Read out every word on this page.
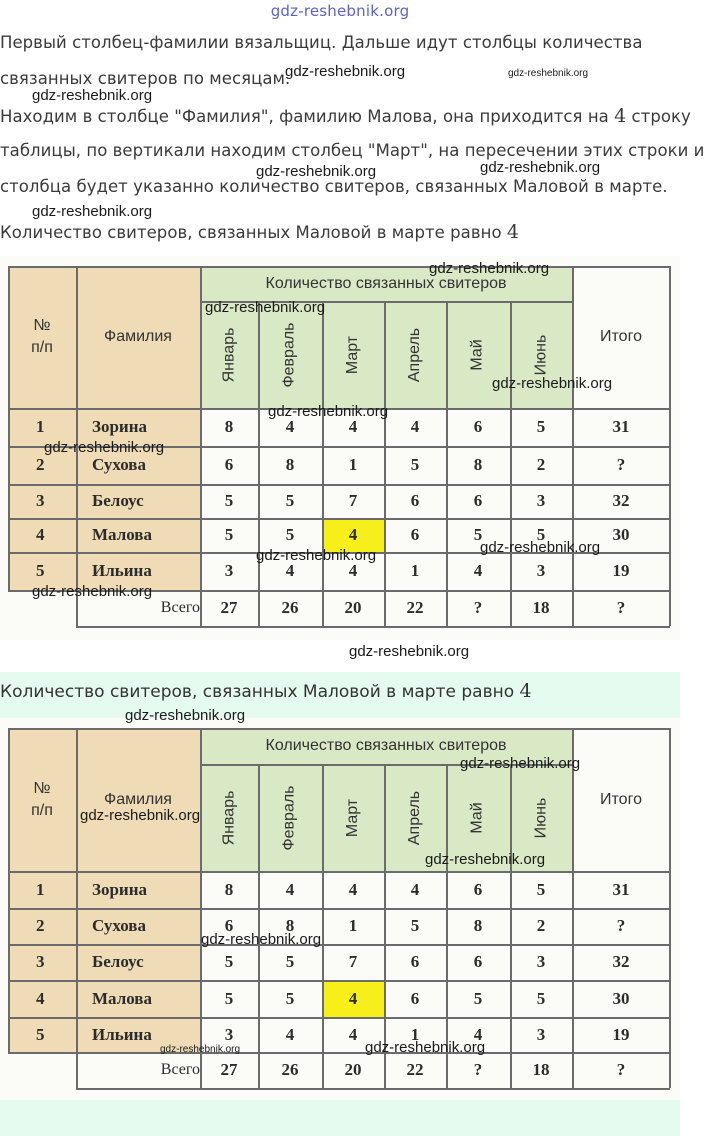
gdz-reshebnik.org
Первый столбец-фамилии вязальщиц. Дальше идут столбцы количества
связанных свитеров по месяцам.
Находим в столбце "Фамилия", фамилию Малова, она приходится на 4 строку
таблицы, по вертикали находим столбец "Март", на пересечении этих строки и
столбца будет указанно количество свитеров, связанных Маловой в марте.
Количество свитеров, связанных Маловой в марте равно 4
№
п/п
Фамилия
Количество связанных свитеров
Итого
Январь	Февраль	Март	Апрель	Май	Июнь
1	Зорина	8	4	4	4	6	5	31
2	Сухова	6	8	1	5	8	2	?
3	Белоус	5	5	7	6	6	3	32
4	Малова	5	5	4	6	5	5	30
5	Ильина	3	4	4	1	4	3	19
Всего	27	26	20	22	?	18	?
Количество свитеров, связанных Маловой в марте равно 4
№
п/п
Фамилия
Количество связанных свитеров
Итого
Январь	Февраль	Март	Апрель	Май	Июнь
1	Зорина	8	4	4	4	6	5	31
2	Сухова	6	8	1	5	8	2	?
3	Белоус	5	5	7	6	6	3	32
4	Малова	5	5	4	6	5	5	30
5	Ильина	3	4	4	1	4	3	19
Всего	27	26	20	22	?	18	?
gdz-reshebnik.org	gdz-reshebnik.org
gdz-reshebnik.org
gdz-reshebnik.org	gdz-reshebnik.org
gdz-reshebnik.org
gdz-reshebnik.org
gdz-reshebnik.org
gdz-reshebnik.org
gdz-reshebnik.org
gdz-reshebnik.org
gdz-reshebnik.org	gdz-reshebnik.org
gdz-reshebnik.org
gdz-reshebnik.org
gdz-reshebnik.org
gdz-reshebnik.org
gdz-reshebnik.org
gdz-reshebnik.org
gdz-reshebnik.org
gdz-reshebnik.org	gdz-reshebnik.org
